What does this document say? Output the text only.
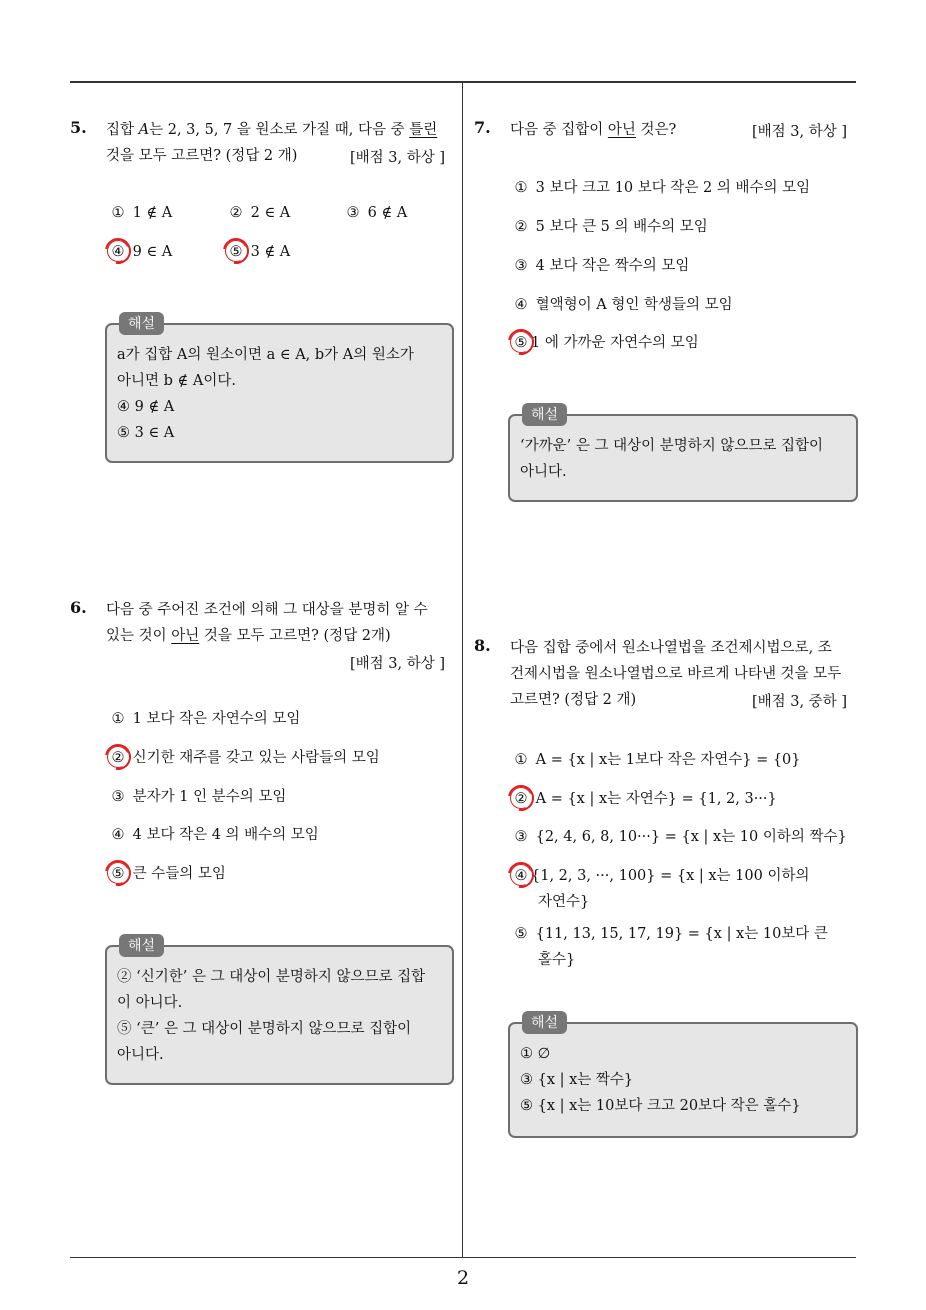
2
5. 집합 A는 2, 3, 5, 7 을 원소로 가질 때, 다음 중 틀린
것을 모두 고르면? (정답 2 개)	[배점 3, 하상 ]
① 1 ∉ A	② 2 ∈ A	③ 6 ∉ A
④ 9 ∈ A	⑤ 3 ∉ A
a가 집합 A의 원소이면 a ∈ A, b가 A의 원소가
아니면 b ∉ A이다.
④ 9 ∉ A
⑤ 3 ∈ A
해설
6. 다음 중 주어진 조건에 의해 그 대상을 분명히 알 수
있는 것이 아닌 것을 모두 고르면? (정답 2개)
[배점 3, 하상 ]
① 1 보다 작은 자연수의 모임
② 신기한 재주를 갖고 있는 사람들의 모임
③ 분자가 1 인 분수의 모임
④ 4 보다 작은 4 의 배수의 모임
⑤ 큰 수들의 모임
② ‘신기한’ 은 그 대상이 분명하지 않으므로 집합
이 아니다.
⑤ ‘큰’ 은 그 대상이 분명하지 않으므로 집합이
아니다.
해설
7. 다음 중 집합이 아닌 것은?	[배점 3, 하상 ]
① 3 보다 크고 10 보다 작은 2 의 배수의 모임
② 5 보다 큰 5 의 배수의 모임
③ 4 보다 작은 짝수의 모임
④ 혈액형이 A 형인 학생들의 모임
⑤ 1 에 가까운 자연수의 모임
‘가까운’ 은 그 대상이 분명하지 않으므로 집합이
아니다.
해설
8. 다음 집합 중에서 원소나열법을 조건제시법으로, 조
건제시법을 원소나열법으로 바르게 나타낸 것을 모두
고르면? (정답 2 개)	[배점 3, 중하 ]
① A = {x | x는 1보다 작은 자연수} = {0}
② A = {x | x는 자연수} = {1, 2, 3···}
③ {2, 4, 6, 8, 10···} = {x | x는 10 이하의 짝수}
④ {1, 2, 3, ···, 100} = {x | x는 100 이하의
자연수}
⑤ {11, 13, 15, 17, 19} = {x | x는 10보다 큰
홀수}
① ∅
③ {x | x는 짝수}
⑤ {x | x는 10보다 크고 20보다 작은 홀수}
해설
